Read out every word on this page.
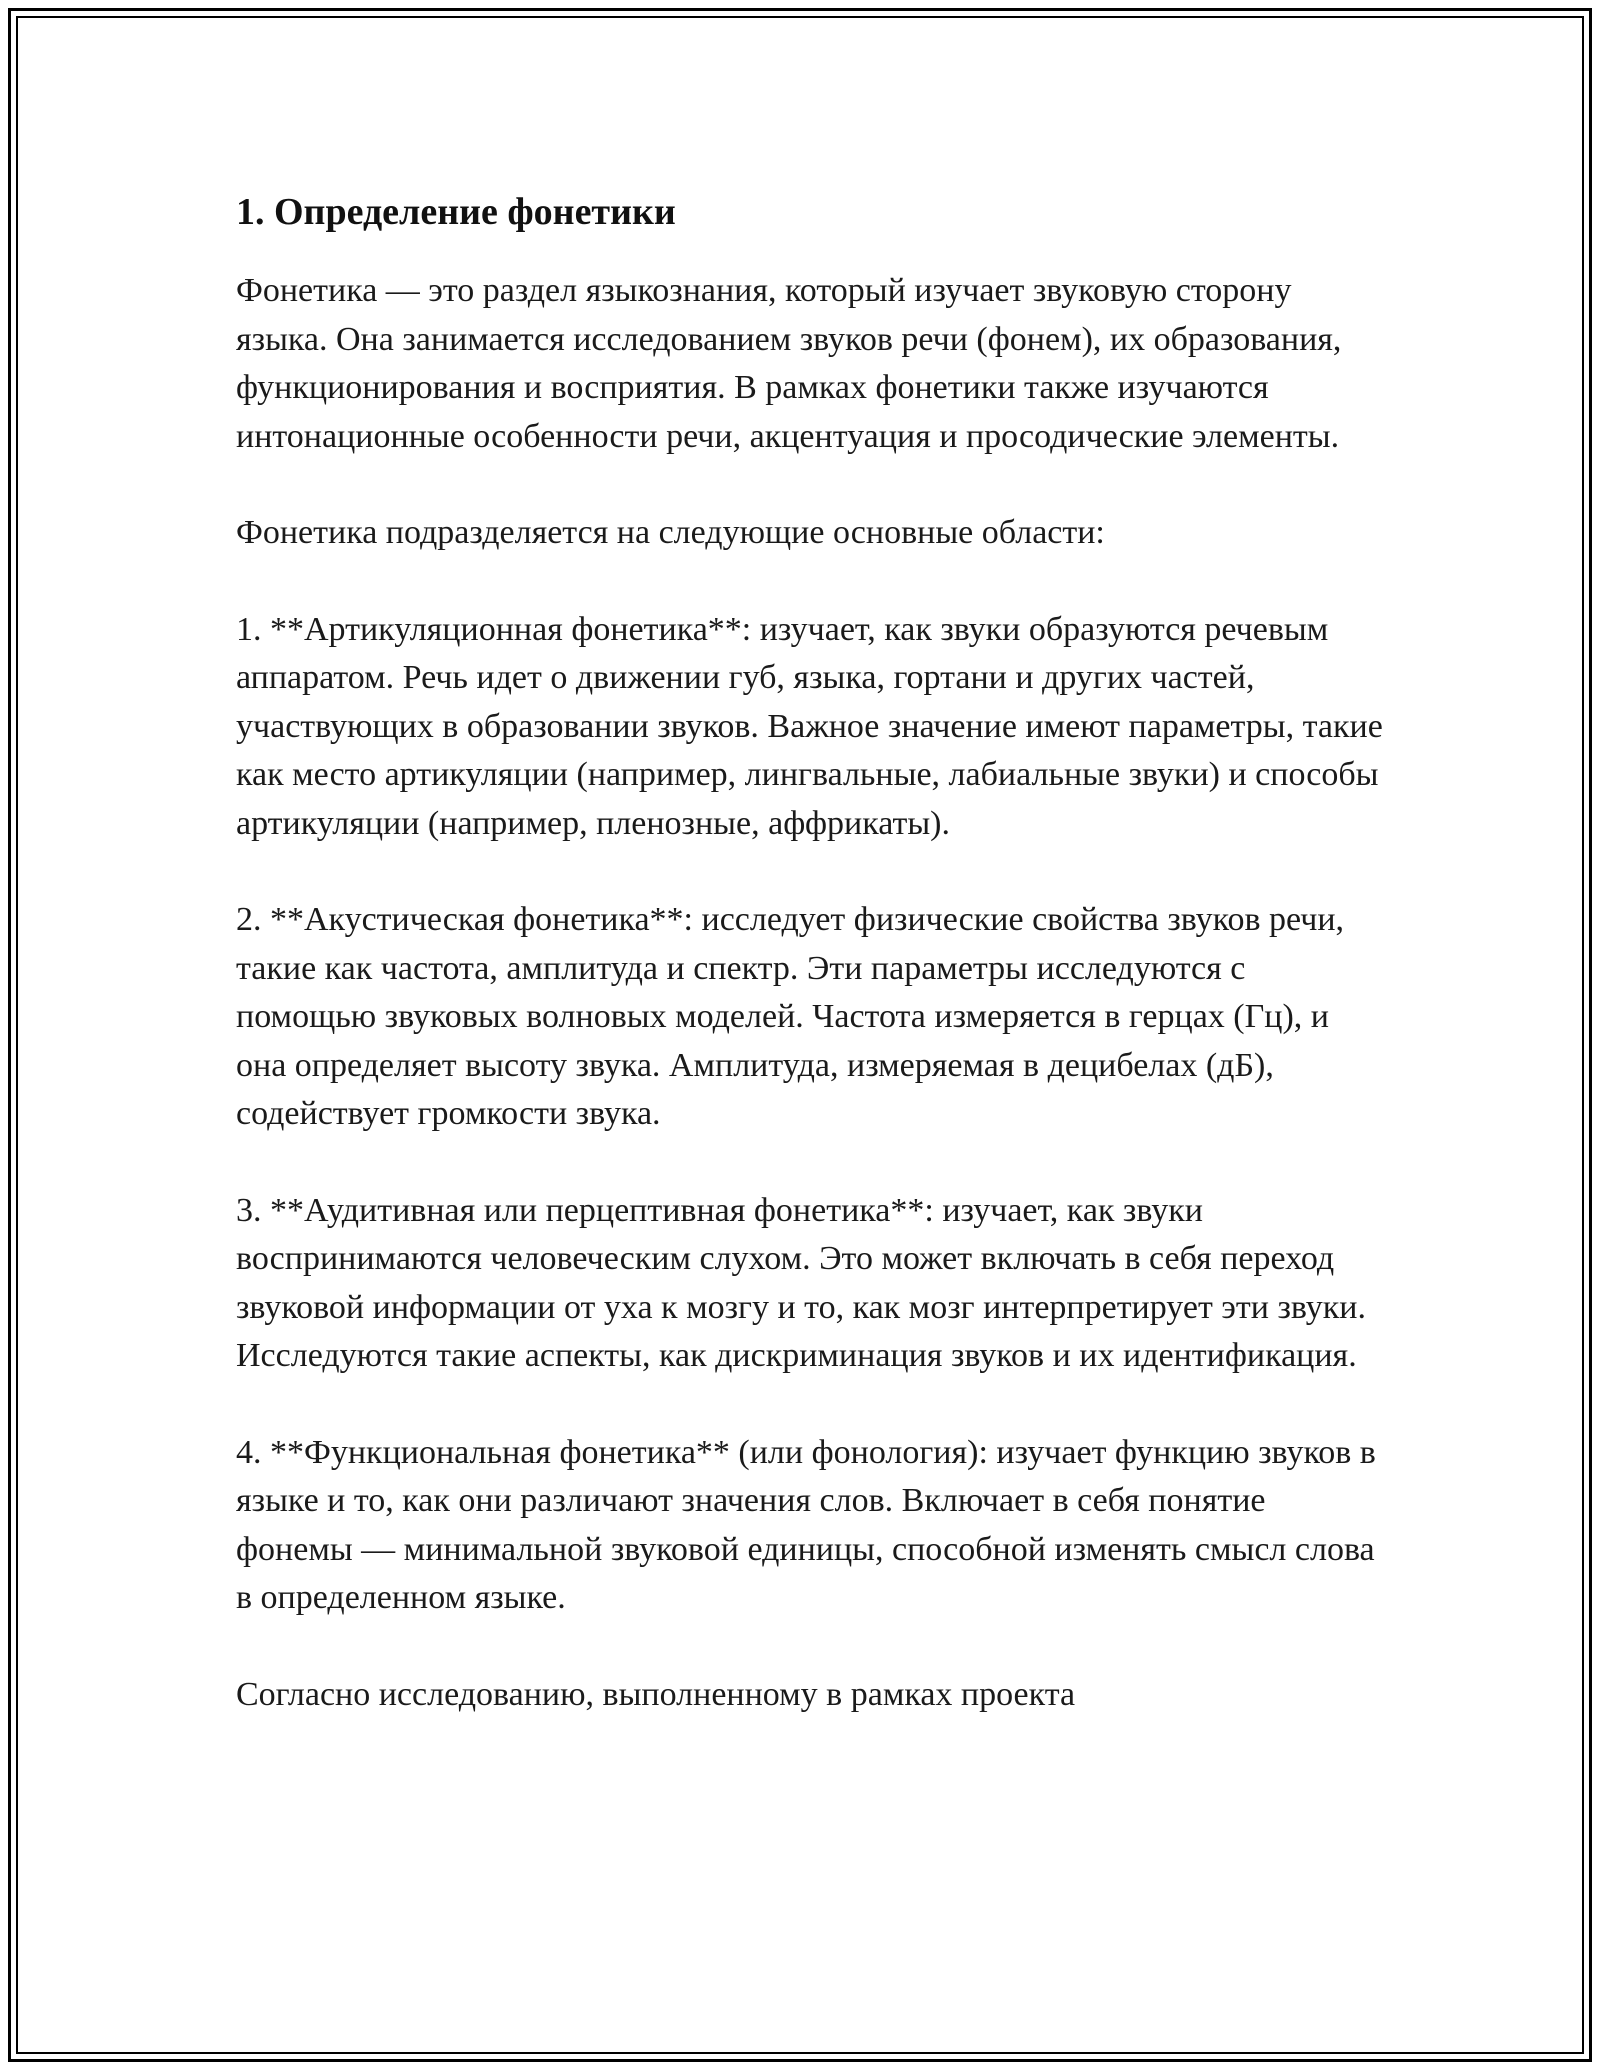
1. Определение фонетики

Фонетика — это раздел языкознания, который изучает звуковую сторону языка. Она занимается исследованием звуков речи (фонем), их образования, функционирования и восприятия. В рамках фонетики также изучаются интонационные особенности речи, акцентуация и просодические элементы.

Фонетика подразделяется на следующие основные области:

1. **Артикуляционная фонетика**: изучает, как звуки образуются речевым аппаратом. Речь идет о движении губ, языка, гортани и других частей, участвующих в образовании звуков. Важное значение имеют параметры, такие как место артикуляции (например, лингвальные, лабиальные звуки) и способы артикуляции (например, пленозные, аффрикаты).

2. **Акустическая фонетика**: исследует физические свойства звуков речи, такие как частота, амплитуда и спектр. Эти параметры исследуются с помощью звуковых волновых моделей. Частота измеряется в герцах (Гц), и она определяет высоту звука. Амплитуда, измеряемая в децибелах (дБ), содействует громкости звука.

3. **Аудитивная или перцептивная фонетика**: изучает, как звуки воспринимаются человеческим слухом. Это может включать в себя переход звуковой информации от уха к мозгу и то, как мозг интерпретирует эти звуки. Исследуются такие аспекты, как дискриминация звуков и их идентификация.

4. **Функциональная фонетика** (или фонология): изучает функцию звуков в языке и то, как они различают значения слов. Включает в себя понятие фонемы — минимальной звуковой единицы, способной изменять смысл слова в определенном языке.

Согласно исследованию, выполненному в рамках проекта
